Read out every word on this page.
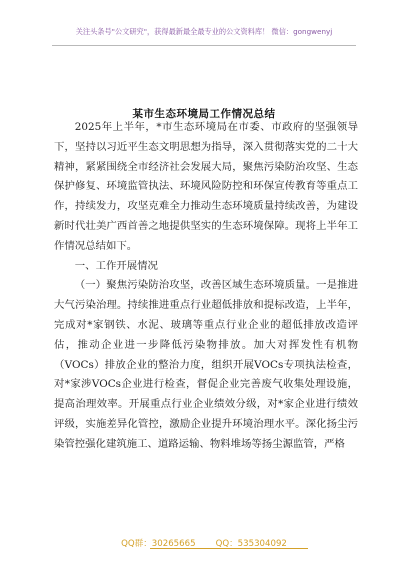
关注头条号"公文研究"，获得最新最全最专业的公文资料库！ 微信：gongwenyj
某市生态环境局工作情况总结

2025年上半年，*市生态环境局在市委、市政府的坚强领导下，坚持以习近平生态文明思想为指导，深入贯彻落实党的二十大精神，紧紧围绕全市经济社会发展大局，聚焦污染防治攻坚、生态保护修复、环境监管执法、环境风险防控和环保宣传教育等重点工作，持续发力，攻坚克难全力推动生态环境质量持续改善，为建设新时代壮美广西首善之地提供坚实的生态环境保障。现将上半年工作情况总结如下。

一、工作开展情况

（一）聚焦污染防治攻坚，改善区域生态环境质量。一是推进大气污染治理。持续推进重点行业超低排放和提标改造，上半年，完成对*家钢铁、水泥、玻璃等重点行业企业的超低排放改造评估，推动企业进一步降低污染物排放。加大对挥发性有机物（VOCs）排放企业的整治力度，组织开展VOCs专项执法检查，对*家涉VOCs企业进行检查，督促企业完善废气收集处理设施，提高治理效率。开展重点行业企业绩效分级，对*家企业进行绩效评级，实施差异化管控，激励企业提升环境治理水平。深化扬尘污染管控强化建筑施工、道路运输、物料堆场等扬尘源监管，严格

QQ群：30265665 QQ：535304092
